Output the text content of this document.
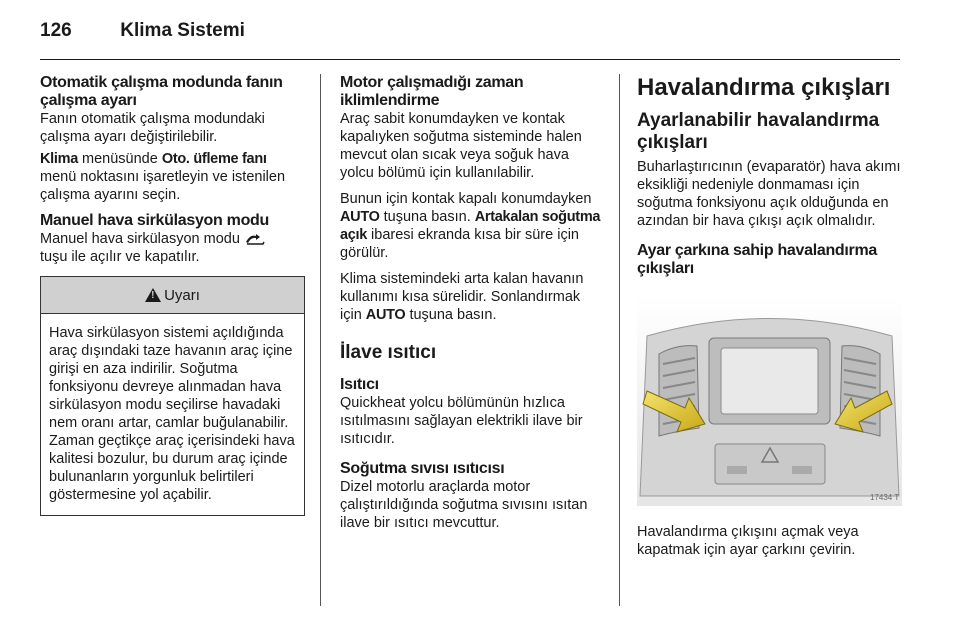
126	Klima Sistemi

Otomatik çalışma modunda fanın çalışma ayarı

Fanın otomatik çalışma modundaki çalışma ayarı değiştirilebilir.

Klima menüsünde Oto. üfleme fanı menü noktasını işaretleyin ve istenilen çalışma ayarını seçin.

Manuel hava sirkülasyon modu

Manuel hava sirkülasyon modu
tuşu ile açılır ve kapatılır.

!
Uyarı
Hava sirkülasyon sistemi açıldığında araç dışındaki taze havanın araç içine girişi en aza indirilir. Soğutma fonksiyonu devreye alınmadan hava sirkülasyon modu seçilirse havadaki nem oranı artar, camlar buğulanabilir. Zaman geçtikçe araç içerisindeki hava kalitesi bozulur, bu durum araç içinde bulunanların yorgunluk belirtileri göstermesine yol açabilir.

Motor çalışmadığı zaman iklimlendirme

Araç sabit konumdayken ve kontak kapalıyken soğutma sisteminde halen mevcut olan sıcak veya soğuk hava yolcu bölümü için kullanılabilir.

Bunun için kontak kapalı konumdayken AUTO tuşuna basın. Artakalan soğutma açık ibaresi ekranda kısa bir süre için görülür.

Klima sistemindeki arta kalan havanın kullanımı kısa sürelidir. Sonlandırmak için AUTO tuşuna basın.

İlave ısıtıcı

Isıtıcı

Quickheat yolcu bölümünün hızlıca ısıtılmasını sağlayan elektrikli ilave bir ısıtıcıdır.

Soğutma sıvısı ısıtıcısı

Dizel motorlu araçlarda motor çalıştırıldığında soğutma sıvısını ısıtan ilave bir ısıtıcı mevcuttur.

Havalandırma çıkışları

Ayarlanabilir havalandırma çıkışları

Buharlaştırıcının (evaparatör) hava akımı eksikliği nedeniyle donmaması için soğutma fonksiyonu açık olduğunda en azından bir hava çıkışı açık olmalıdır.

Ayar çarkına sahip havalandırma çıkışları

17434 T

Havalandırma çıkışını açmak veya kapatmak için ayar çarkını çevirin.
